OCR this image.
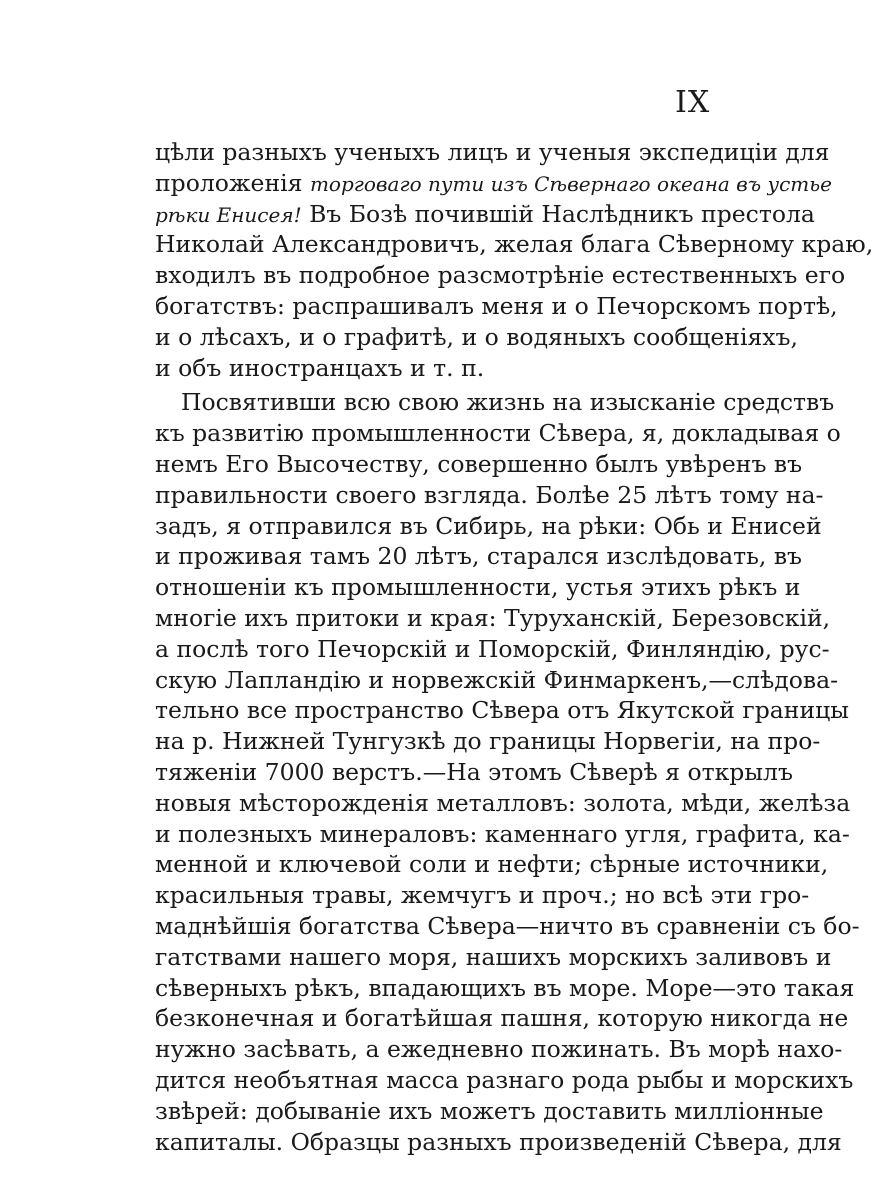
IX
цѣли разныхъ ученыхъ лицъ и ученыя экспедиціи для
проложенія торговаго пути изъ Сѣвернаго океана въ устье
рѣки Енисея! Въ Бозѣ почившій Наслѣдникъ престола
Николай Александровичъ, желая блага Сѣверному краю,
входилъ въ подробное разсмотрѣніе естественныхъ его
богатствъ: распрашивалъ меня и о Печорскомъ портѣ,
и о лѣсахъ, и о графитѣ, и о водяныхъ сообщеніяхъ,
и объ иностранцахъ и т. п.
Посвятивши всю свою жизнь на изысканіе средствъ
къ развитію промышленности Сѣвера, я, докладывая о
немъ Его Высочеству, совершенно былъ увѣренъ въ
правильности своего взгляда. Болѣе 25 лѣтъ тому на-
задъ, я отправился въ Сибирь, на рѣки: Обь и Енисей
и проживая тамъ 20 лѣтъ, старался изслѣдовать, въ
отношеніи къ промышленности, устья этихъ рѣкъ и
многіе ихъ притоки и края: Туруханскій, Березовскій,
а послѣ того Печорскій и Поморскій, Финляндію, рус-
скую Лапландію и норвежскій Финмаркенъ,—слѣдова-
тельно все пространство Сѣвера отъ Якутской границы
на р. Нижней Тунгузкѣ до границы Норвегіи, на про-
тяженіи 7000 верстъ.—На этомъ Сѣверѣ я открылъ
новыя мѣсторожденія металловъ: золота, мѣди, желѣза
и полезныхъ минераловъ: каменнаго угля, графита, ка-
менной и ключевой соли и нефти; сѣрные источники,
красильныя травы, жемчугъ и проч.; но всѣ эти гро-
маднѣйшія богатства Сѣвера—ничто въ сравненіи съ бо-
гатствами нашего моря, нашихъ морскихъ заливовъ и
сѣверныхъ рѣкъ, впадающихъ въ море. Море—это такая
безконечная и богатѣйшая пашня, которую никогда не
нужно засѣвать, а ежедневно пожинать. Въ морѣ нахо-
дится необъятная масса разнаго рода рыбы и морскихъ
звѣрей: добываніе ихъ можетъ доставить милліонные
капиталы. Образцы разныхъ произведеній Сѣвера, для
